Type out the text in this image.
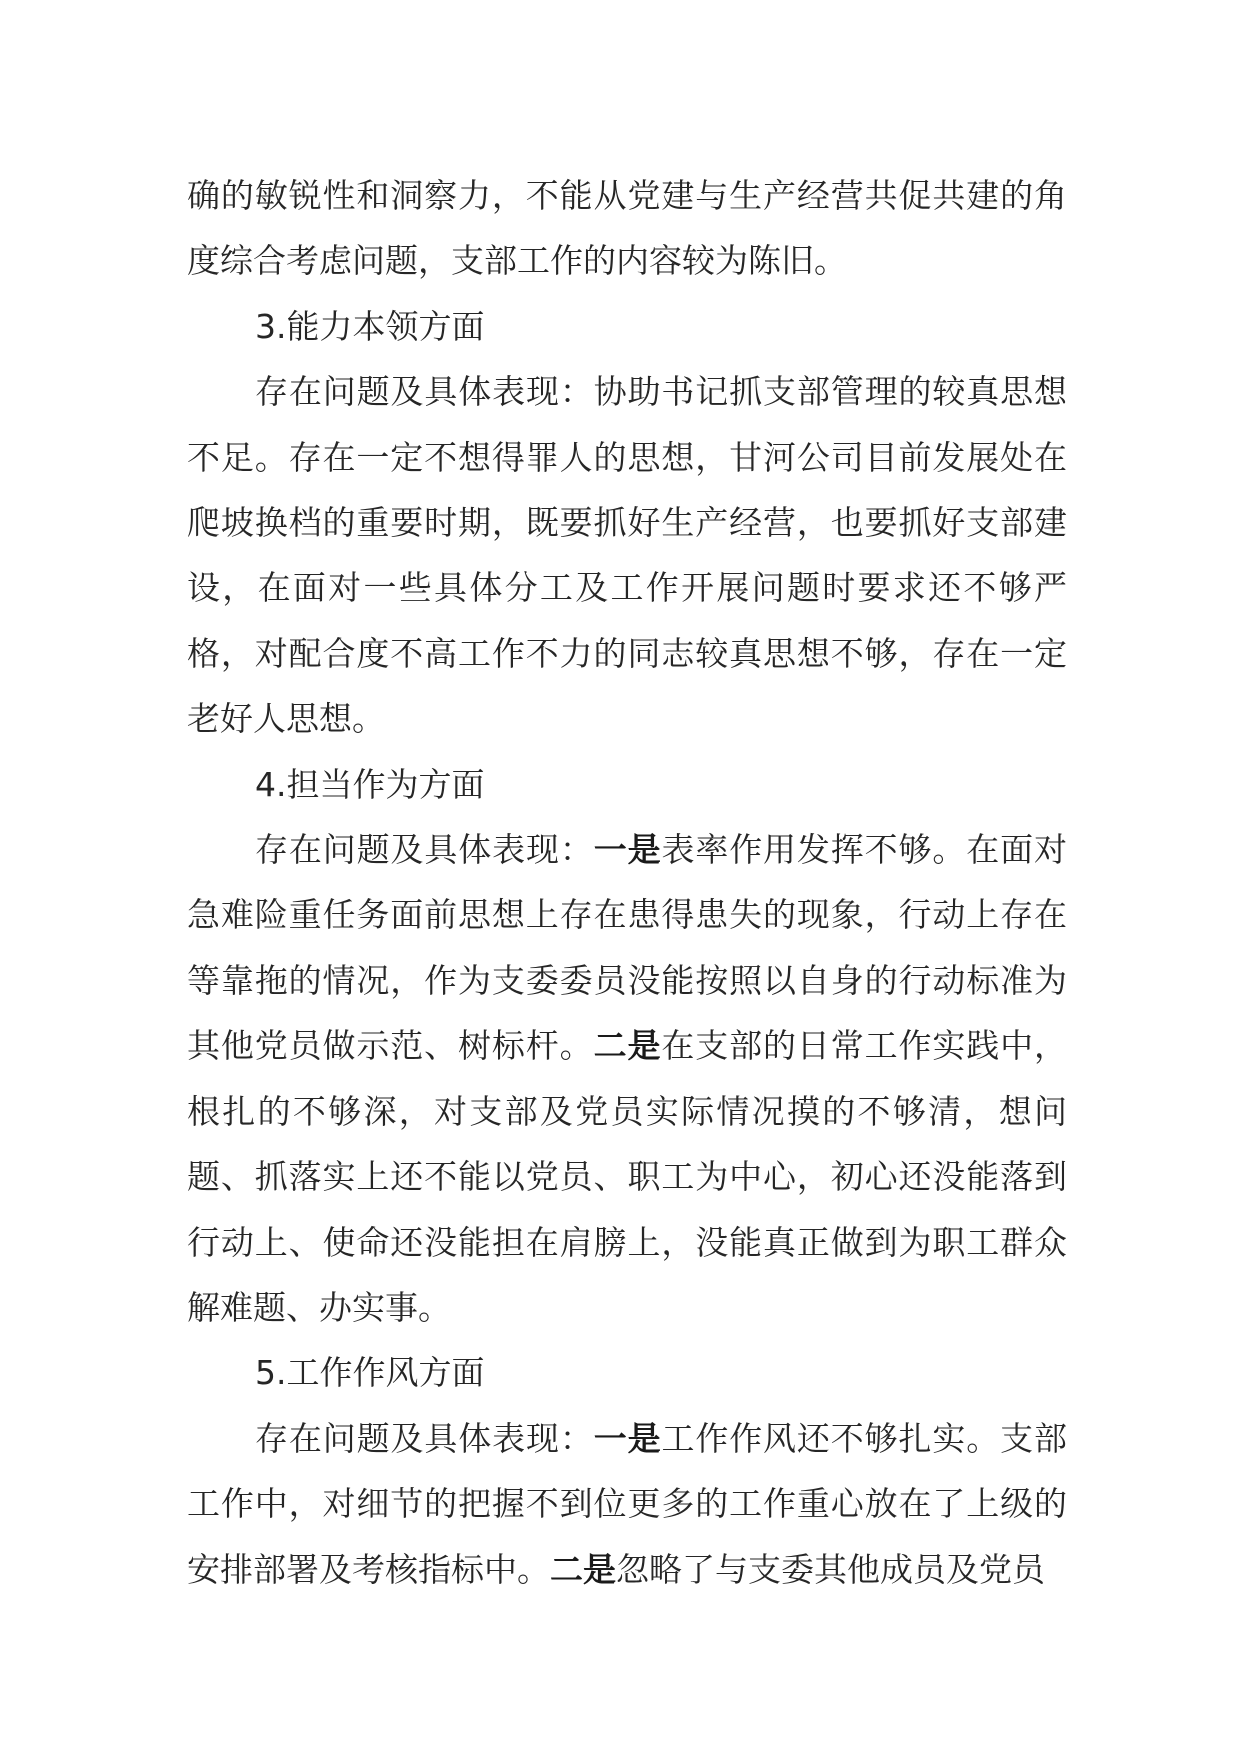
确的敏锐性和洞察力，不能从党建与生产经营共促共建的角度综合考虑问题，支部工作的内容较为陈旧。

3.能力本领方面

存在问题及具体表现：协助书记抓支部管理的较真思想不足。存在一定不想得罪人的思想，甘河公司目前发展处在爬坡换档的重要时期，既要抓好生产经营，也要抓好支部建设，在面对一些具体分工及工作开展问题时要求还不够严格，对配合度不高工作不力的同志较真思想不够，存在一定老好人思想。

4.担当作为方面

存在问题及具体表现：一是表率作用发挥不够。在面对急难险重任务面前思想上存在患得患失的现象，行动上存在等靠拖的情况，作为支委委员没能按照以自身的行动标准为其他党员做示范、树标杆。二是在支部的日常工作实践中，根扎的不够深，对支部及党员实际情况摸的不够清，想问题、抓落实上还不能以党员、职工为中心，初心还没能落到行动上、使命还没能担在肩膀上，没能真正做到为职工群众解难题、办实事。

5.工作作风方面

存在问题及具体表现：一是工作作风还不够扎实。支部工作中，对细节的把握不到位更多的工作重心放在了上级的安排部署及考核指标中。二是忽略了与支委其他成员及党员
